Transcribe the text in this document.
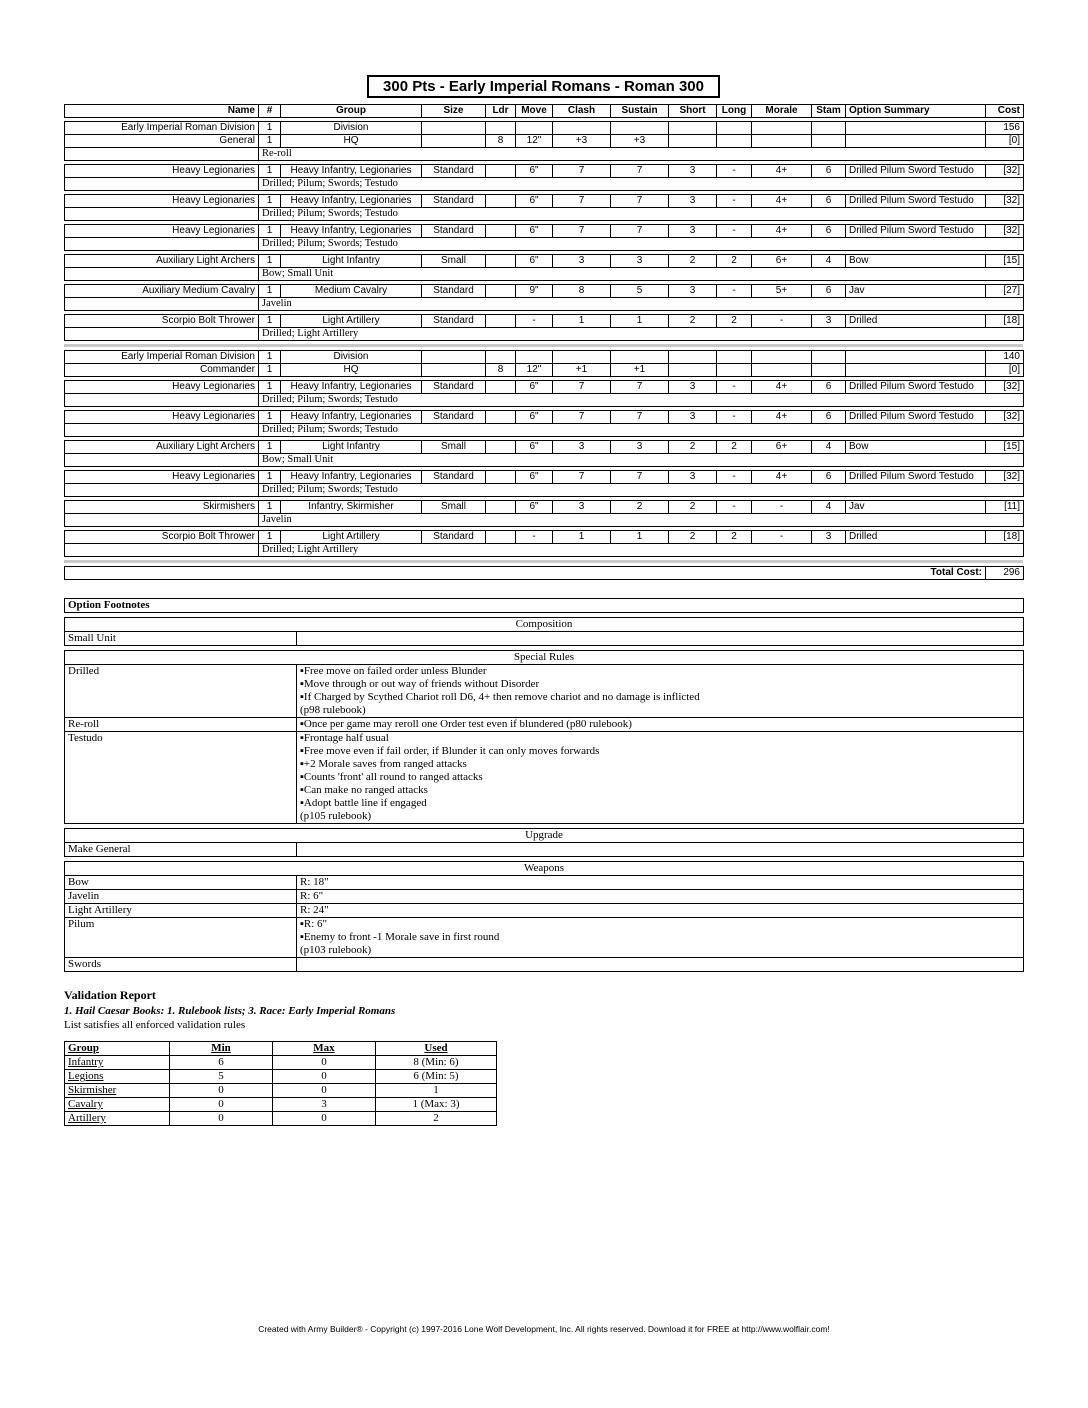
300 Pts - Early Imperial Romans - Roman 300
Name	#	Group	Size	Ldr	Move	Clash	Sustain	Short	Long	Morale	Stam	Option Summary	Cost
Early Imperial Roman Division	1	Division											156
General	1	HQ		8	12"	+3	+3						[0]
	Re-roll												
Heavy Legionaries	1	Heavy Infantry, Legionaries	Standard		6"	7	7	3	-	4+	6	Drilled Pilum Sword Testudo	[32]
	Drilled; Pilum; Swords; Testudo												
Heavy Legionaries	1	Heavy Infantry, Legionaries	Standard		6"	7	7	3	-	4+	6	Drilled Pilum Sword Testudo	[32]
	Drilled; Pilum; Swords; Testudo												
Heavy Legionaries	1	Heavy Infantry, Legionaries	Standard		6"	7	7	3	-	4+	6	Drilled Pilum Sword Testudo	[32]
	Drilled; Pilum; Swords; Testudo												
Auxiliary Light Archers	1	Light Infantry	Small		6"	3	3	2	2	6+	4	Bow	[15]
	Bow; Small Unit												
Auxiliary Medium Cavalry	1	Medium Cavalry	Standard		9"	8	5	3	-	5+	6	Jav	[27]
	Javelin												
Scorpio Bolt Thrower	1	Light Artillery	Standard		-	1	1	2	2	-	3	Drilled	[18]
	Drilled; Light Artillery												
Early Imperial Roman Division	1	Division											140
Commander	1	HQ		8	12"	+1	+1						[0]
Heavy Legionaries	1	Heavy Infantry, Legionaries	Standard		6"	7	7	3	-	4+	6	Drilled Pilum Sword Testudo	[32]
	Drilled; Pilum; Swords; Testudo												
Heavy Legionaries	1	Heavy Infantry, Legionaries	Standard		6"	7	7	3	-	4+	6	Drilled Pilum Sword Testudo	[32]
	Drilled; Pilum; Swords; Testudo												
Auxiliary Light Archers	1	Light Infantry	Small		6"	3	3	2	2	6+	4	Bow	[15]
	Bow; Small Unit												
Heavy Legionaries	1	Heavy Infantry, Legionaries	Standard		6"	7	7	3	-	4+	6	Drilled Pilum Sword Testudo	[32]
	Drilled; Pilum; Swords; Testudo												
Skirmishers	1	Infantry, Skirmisher	Small		6"	3	2	2	-	-	4	Jav	[11]
	Javelin												
Scorpio Bolt Thrower	1	Light Artillery	Standard		-	1	1	2	2	-	3	Drilled	[18]
	Drilled; Light Artillery												
Total Cost:	296
Option Footnotes
Composition
Small Unit	
Special Rules	
Drilled	▪Free move on failed order unless Blunder
▪Move through or out way of friends without Disorder
▪If Charged by Scythed Chariot roll D6, 4+ then remove chariot and no damage is inflicted
(p98 rulebook)

Re-roll	▪Once per game may reroll one Order test even if blundered (p80 rulebook)

Testudo	▪Frontage half usual
▪Free move even if fail order, if Blunder it can only moves forwards
▪+2 Morale saves from ranged attacks
▪Counts 'front' all round to ranged attacks
▪Can make no ranged attacks
▪Adopt battle line if engaged
(p105 rulebook)
Upgrade
Make General	
Weapons	
Bow	R: 18"

Javelin	R: 6"

Light Artillery	R: 24"

Pilum	▪R: 6"
▪Enemy to front -1 Morale save in first round
(p103 rulebook)

Swords	
Validation Report
1. Hail Caesar Books: 1. Rulebook lists; 3. Race: Early Imperial Romans
List satisfies all enforced validation rules
Group	Min	Max	Used
Infantry	6	0	8 (Min: 6)
Legions	5	0	6 (Min: 5)
Skirmisher	0	0	1
Cavalry	0	3	1 (Max: 3)
Artillery	0	0	2
Created with Army Builder® - Copyright (c) 1997-2016 Lone Wolf Development, Inc. All rights reserved. Download it for FREE at http://www.wolflair.com!
